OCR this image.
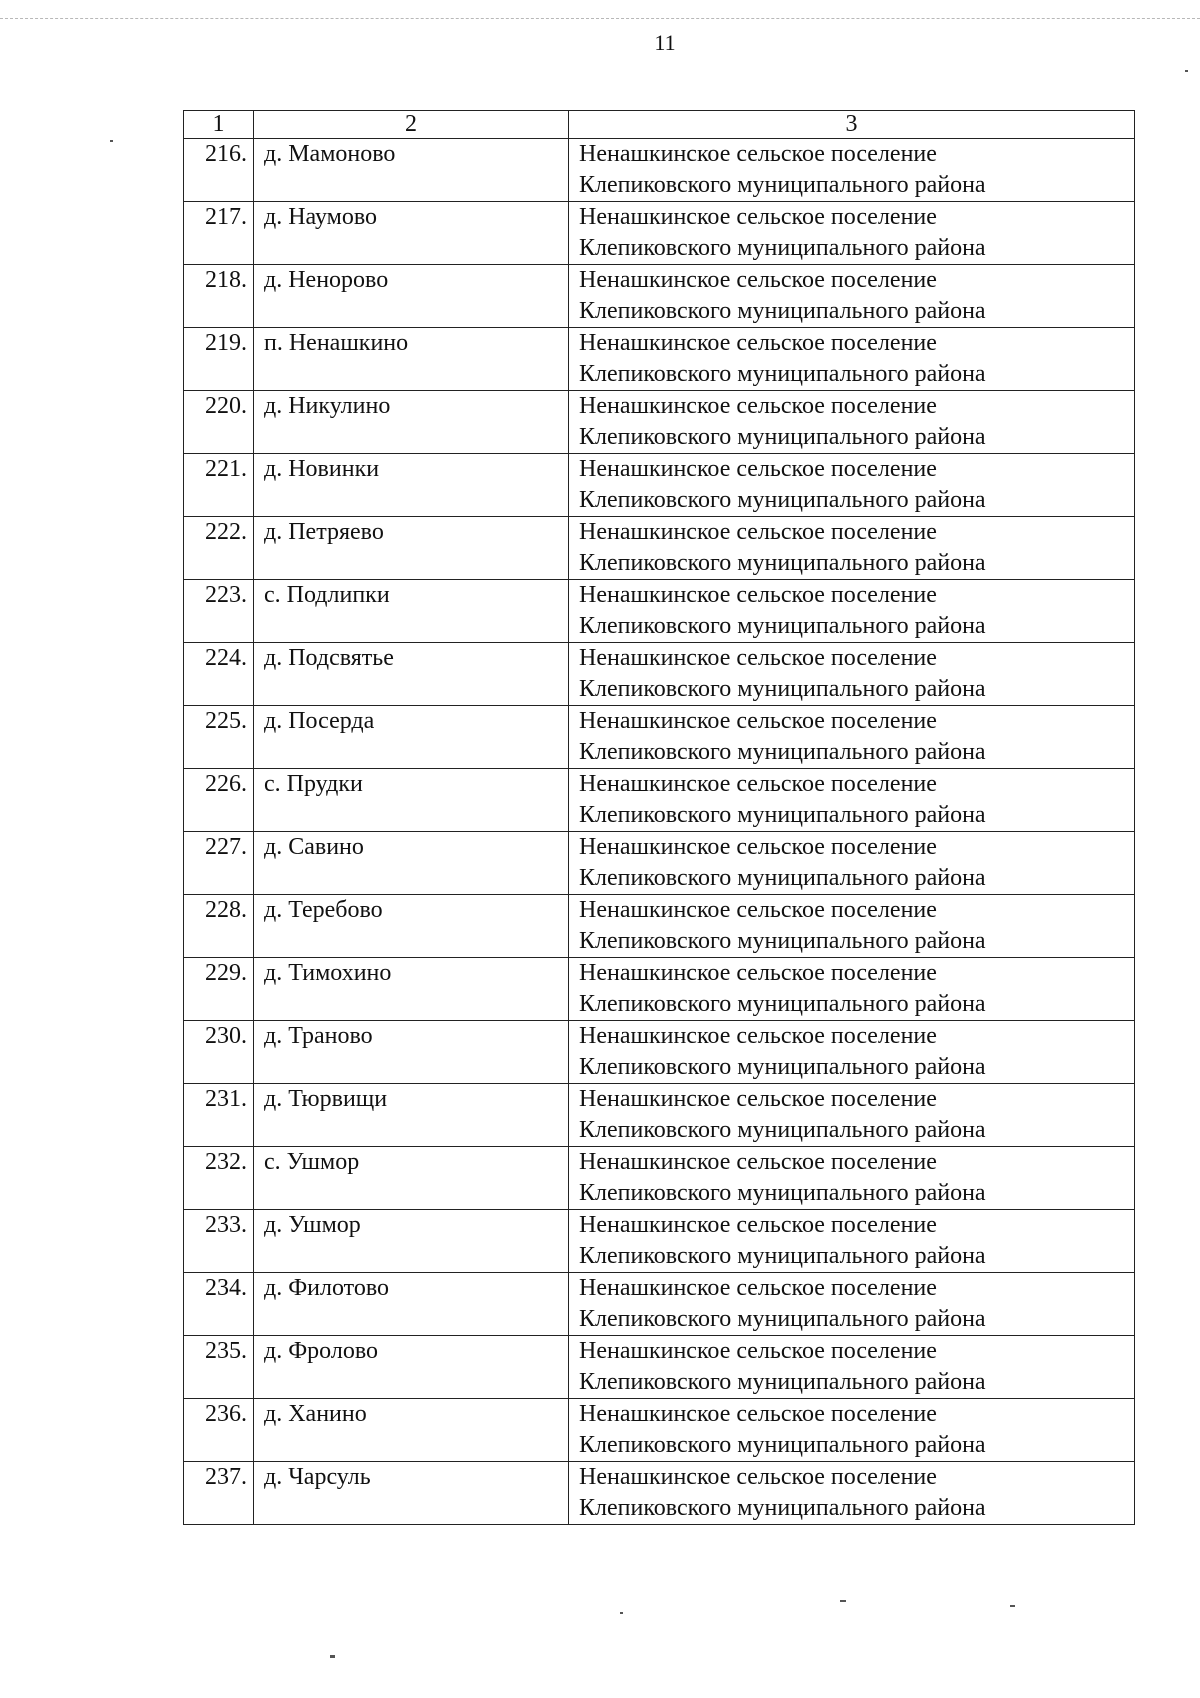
11
1	2	3
216.	д. Мамоново	Ненашкинское сельское поселение
Клепиковского муниципального района

217.	д. Наумово	Ненашкинское сельское поселение
Клепиковского муниципального района

218.	д. Ненорово	Ненашкинское сельское поселение
Клепиковского муниципального района

219.	п. Ненашкино	Ненашкинское сельское поселение
Клепиковского муниципального района

220.	д. Никулино	Ненашкинское сельское поселение
Клепиковского муниципального района

221.	д. Новинки	Ненашкинское сельское поселение
Клепиковского муниципального района

222.	д. Петряево	Ненашкинское сельское поселение
Клепиковского муниципального района

223.	с. Подлипки	Ненашкинское сельское поселение
Клепиковского муниципального района

224.	д. Подсвятье	Ненашкинское сельское поселение
Клепиковского муниципального района

225.	д. Посерда	Ненашкинское сельское поселение
Клепиковского муниципального района

226.	с. Прудки	Ненашкинское сельское поселение
Клепиковского муниципального района

227.	д. Савино	Ненашкинское сельское поселение
Клепиковского муниципального района

228.	д. Теребово	Ненашкинское сельское поселение
Клепиковского муниципального района

229.	д. Тимохино	Ненашкинское сельское поселение
Клепиковского муниципального района

230.	д. Траново	Ненашкинское сельское поселение
Клепиковского муниципального района

231.	д. Тюрвищи	Ненашкинское сельское поселение
Клепиковского муниципального района

232.	с. Ушмор	Ненашкинское сельское поселение
Клепиковского муниципального района

233.	д. Ушмор	Ненашкинское сельское поселение
Клепиковского муниципального района

234.	д. Филотово	Ненашкинское сельское поселение
Клепиковского муниципального района

235.	д. Фролово	Ненашкинское сельское поселение
Клепиковского муниципального района

236.	д. Ханино	Ненашкинское сельское поселение
Клепиковского муниципального района

237.	д. Чарсуль	Ненашкинское сельское поселение
Клепиковского муниципального района
